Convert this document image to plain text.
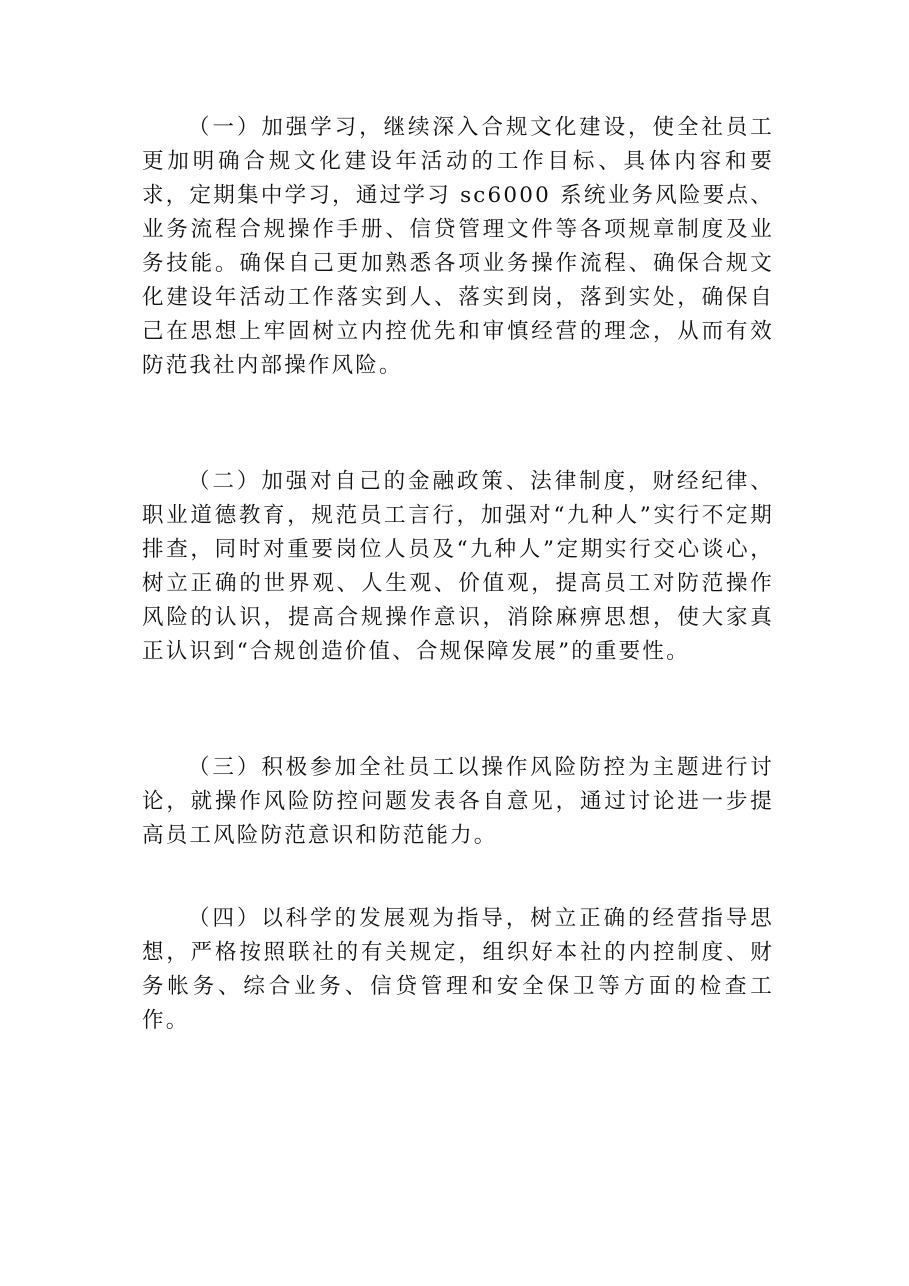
（一）加强学习，继续深入合规文化建设，使全社员工更加明确合规文化建设年活动的工作目标、具体内容和要求，定期集中学习，通过学习 sc6000 系统业务风险要点、业务流程合规操作手册、信贷管理文件等各项规章制度及业务技能。确保自己更加熟悉各项业务操作流程、确保合规文化建设年活动工作落实到人、落实到岗，落到实处，确保自己在思想上牢固树立内控优先和审慎经营的理念，从而有效防范我社内部操作风险。

（二）加强对自己的金融政策、法律制度，财经纪律、职业道德教育，规范员工言行，加强对“九种人”实行不定期排查，同时对重要岗位人员及“九种人”定期实行交心谈心，树立正确的世界观、人生观、价值观，提高员工对防范操作风险的认识，提高合规操作意识，消除麻痹思想，使大家真正认识到“合规创造价值、合规保障发展”的重要性。

（三）积极参加全社员工以操作风险防控为主题进行讨论，就操作风险防控问题发表各自意见，通过讨论进一步提高员工风险防范意识和防范能力。

（四）以科学的发展观为指导，树立正确的经营指导思想，严格按照联社的有关规定，组织好本社的内控制度、财务帐务、综合业务、信贷管理和安全保卫等方面的检查工作。
